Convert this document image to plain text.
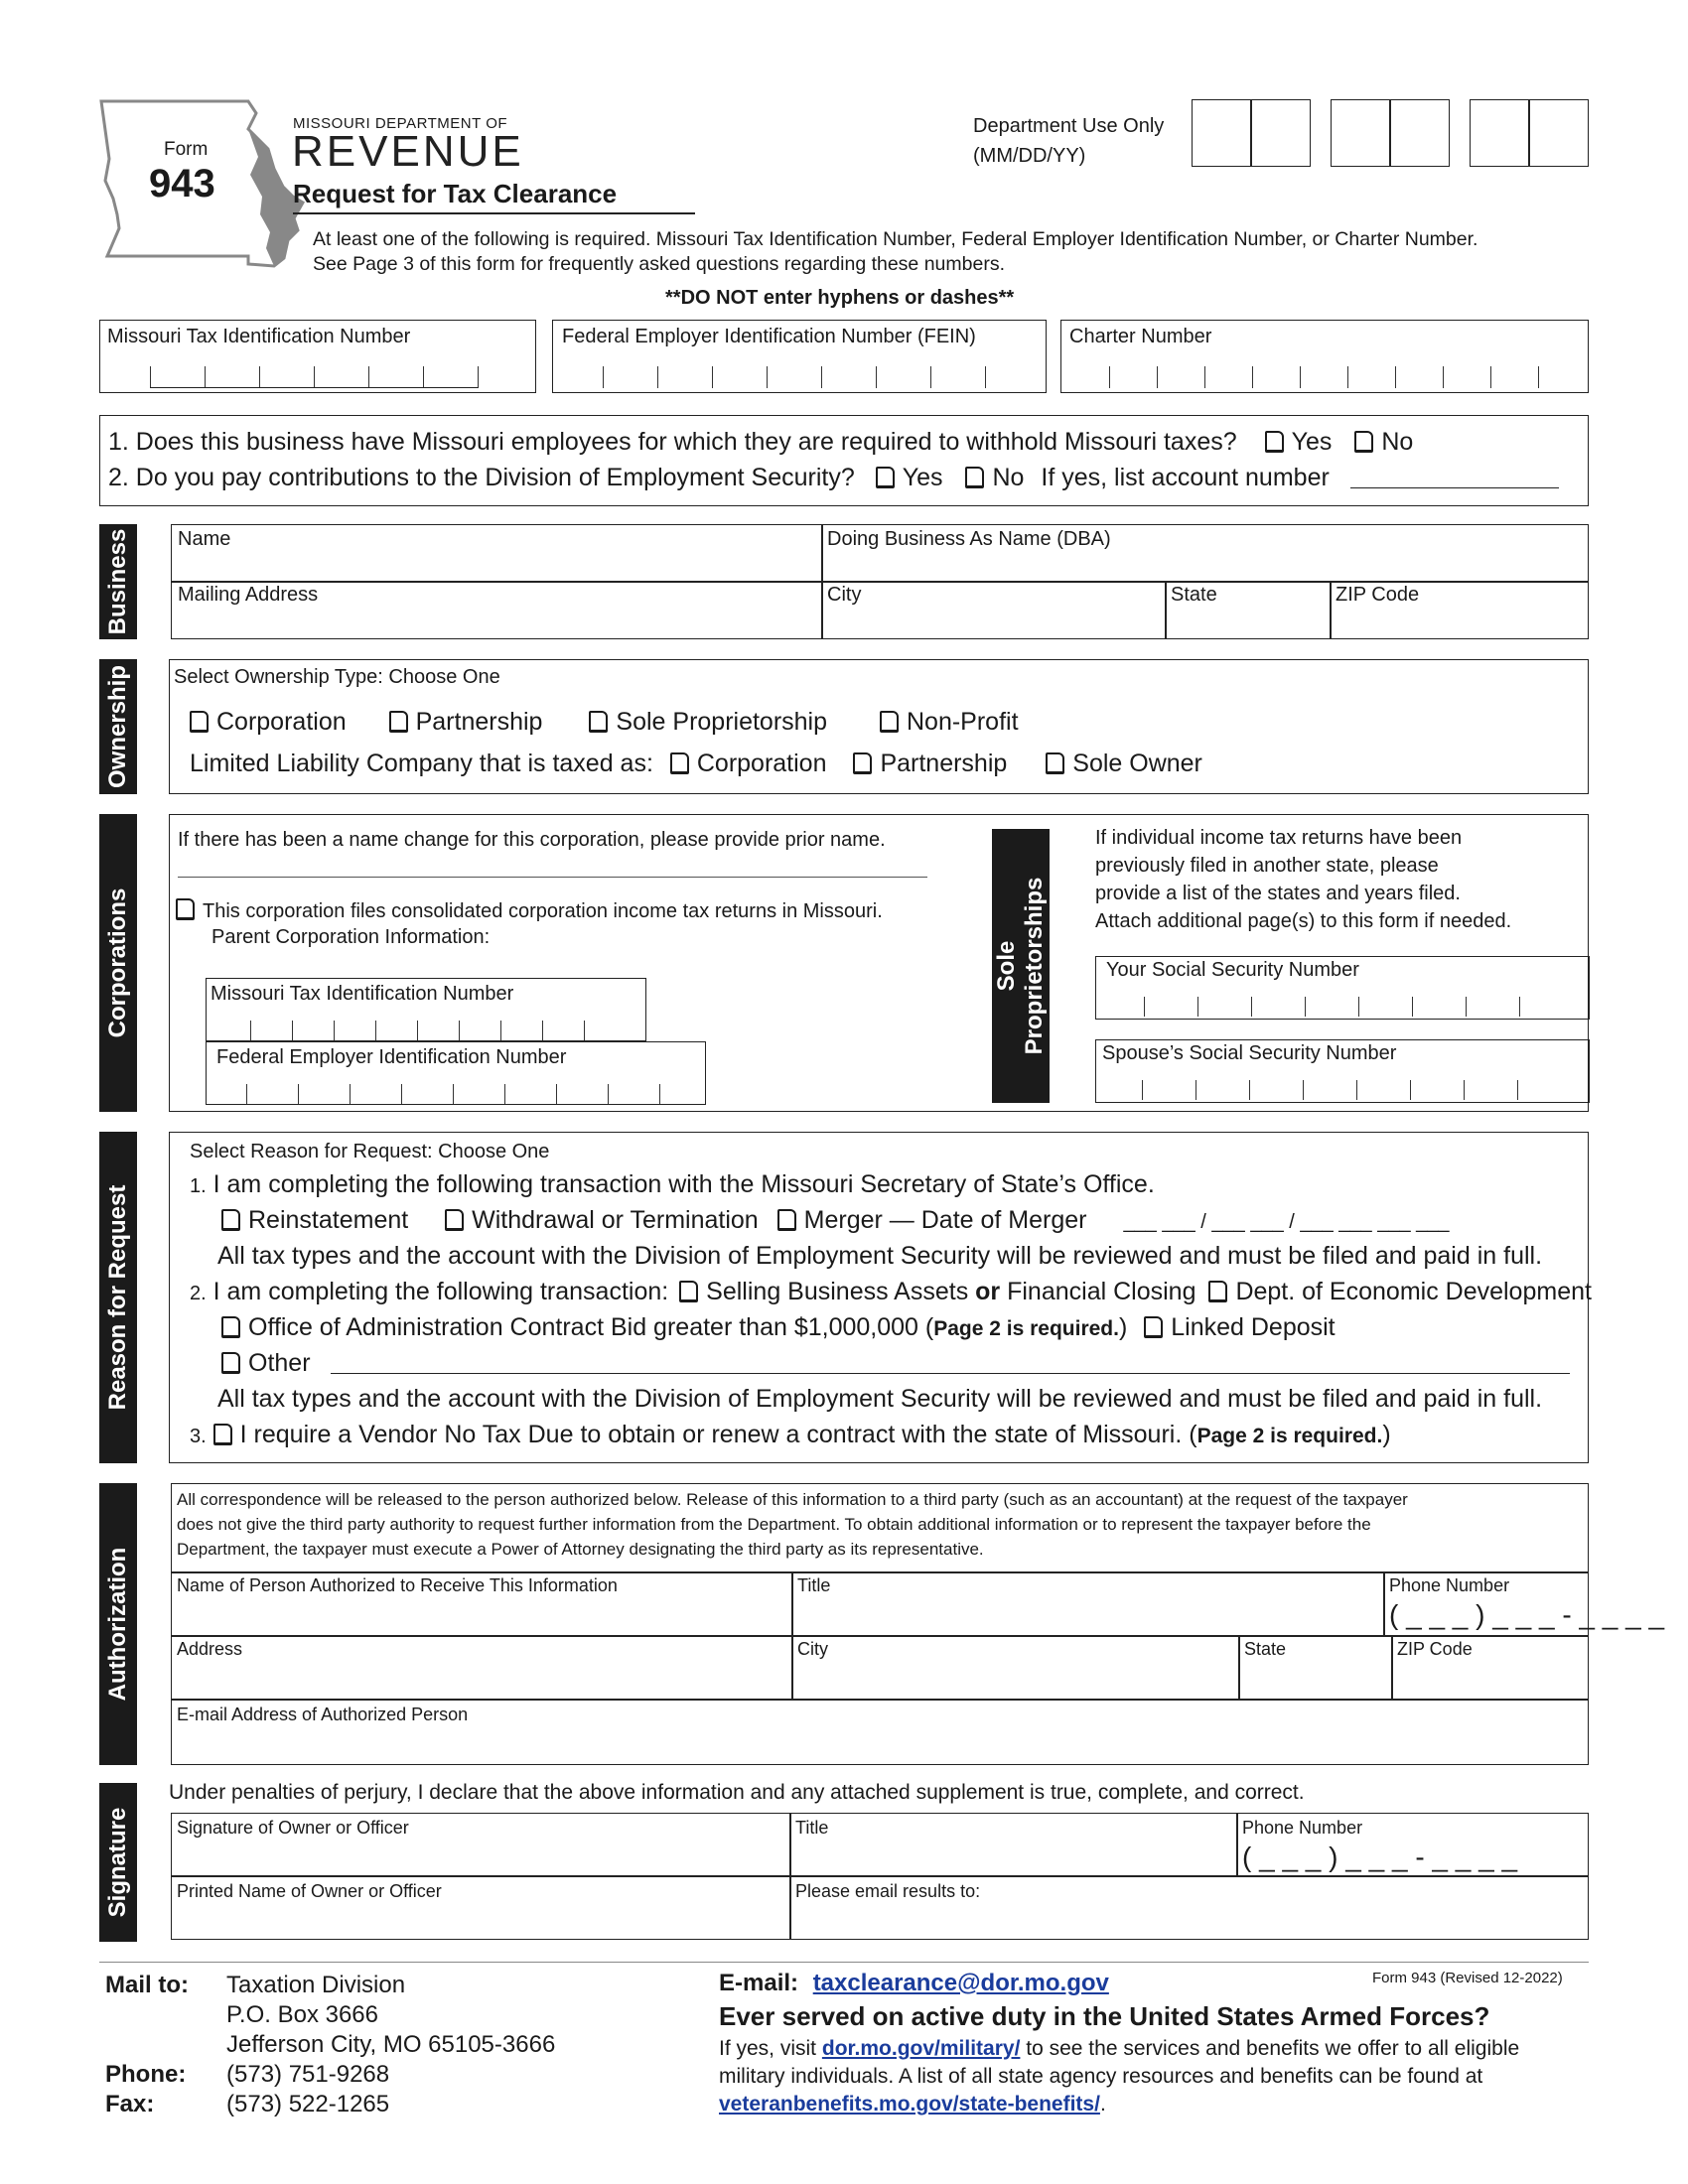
Form
943
MISSOURI DEPARTMENT OF
REVENUE
Request for Tax Clearance
Department Use Only
(MM/DD/YY)
At least one of the following is required. Missouri Tax Identification Number, Federal Employer Identification Number, or Charter Number.
See Page 3 of this form for frequently asked questions regarding these numbers.
**DO NOT enter hyphens or dashes**
Missouri Tax Identification Number	Federal Employer Identification Number (FEIN)	Charter Number
1. Does this business have Missouri employees for which they are required to withhold Missouri taxes? Yes No
2. Do you pay contributions to the Division of Employment Security? Yes No If yes, list account number
Business Name	Doing Business As Name (DBA)
Mailing Address	City	State	ZIP Code
Ownership Select Ownership Type: Choose One
Corporation	Partnership	Sole Proprietorship	Non-Profit
Limited Liability Company that is taxed as: Corporation Partnership	Sole Owner
Corporations
If there has been a name change for this corporation, please provide prior name.
This corporation files consolidated corporation income tax returns in Missouri.
Parent Corporation Information:
Missouri Tax Identification Number
Federal Employer Identification Number
Sole Proprietorships
If individual income tax returns have been
previously filed in another state, please
provide a list of the states and years filed.
Attach additional page(s) to this form if needed.
Your Social Security Number
Spouse’s Social Security Number
Reason for Request
Select Reason for Request: Choose One
1. I am completing the following transaction with the Missouri Secretary of State’s Office.
Reinstatement	Withdrawal or Termination Merger — Date of Merger ___ ___ / ___ ___ / ___ ___ ___ ___
All tax types and the account with the Division of Employment Security will be reviewed and must be filed and paid in full.
2. I am completing the following transaction: Selling Business Assets or Financial Closing Dept. of Economic Development
Office of Administration Contract Bid greater than $1,000,000 (Page 2 is required.) Linked Deposit
Other
All tax types and the account with the Division of Employment Security will be reviewed and must be filed and paid in full.
3. I require a Vendor No Tax Due to obtain or renew a contract with the state of Missouri. (Page 2 is required.)
Authorization
All correspondence will be released to the person authorized below. Release of this information to a third party (such as an accountant) at the request of the taxpayer
does not give the third party authority to request further information from the Department. To obtain additional information or to represent the taxpayer before the
Department, the taxpayer must execute a Power of Attorney designating the third party as its representative.
Name of Person Authorized to Receive This Information	Title	Phone Number
( _ _ _ ) _ _ _ - _ _ _ _
Address	City	State	ZIP Code
E-mail Address of Authorized Person
Signature
Under penalties of perjury, I declare that the above information and any attached supplement is true, complete, and correct.
Signature of Owner or Officer	Title	Phone Number
( _ _ _ ) _ _ _ - _ _ _ _
Printed Name of Owner or Officer	Please email results to:
Mail to: Taxation Division
P.O. Box 3666
Jefferson City, MO 65105-3666
Phone: (573) 751-9268
Fax:	(573) 522-1265
E-mail: taxclearance@dor.mo.gov	Form 943 (Revised 12-2022)
Ever served on active duty in the United States Armed Forces?
If yes, visit dor.mo.gov/military/ to see the services and benefits we offer to all eligible
military individuals. A list of all state agency resources and benefits can be found at
veteranbenefits.mo.gov/state-benefits/.
